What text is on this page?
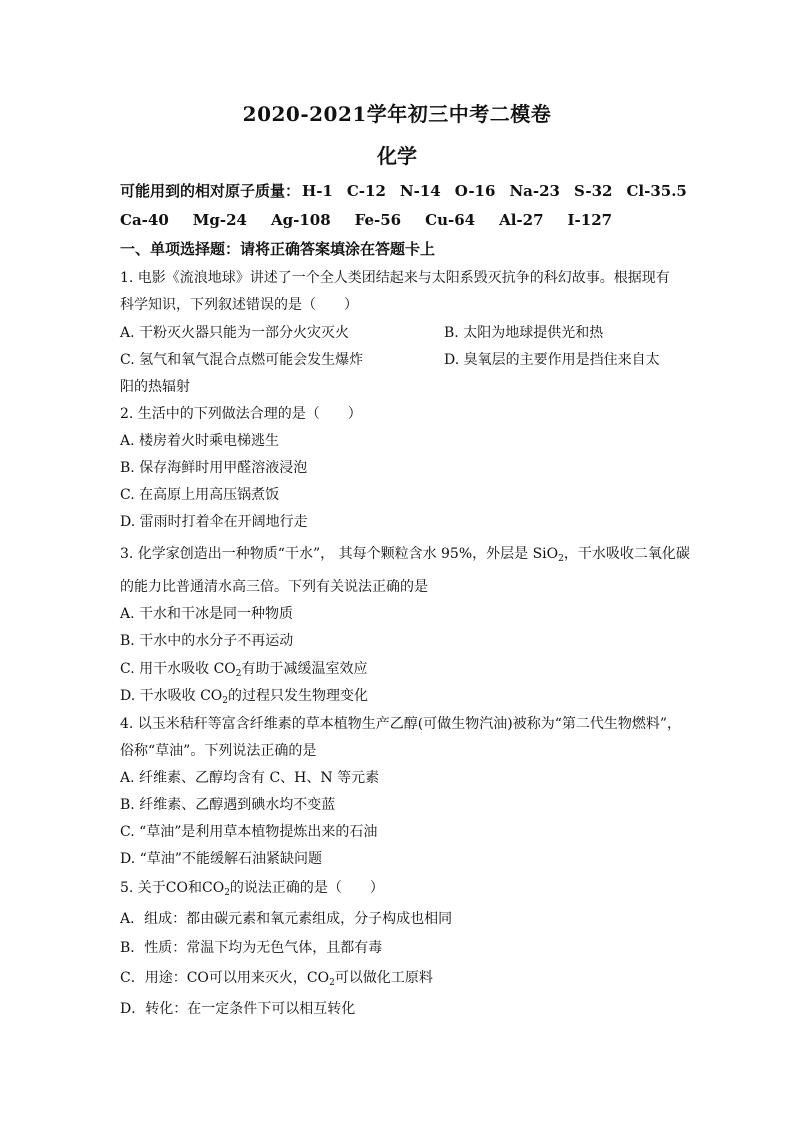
2020-2021学年初三中考二模卷
化学
可能用到的相对原子质量： H-1 C-12 N-14 O-16 Na-23 S-32 Cl-35.5
Ca-40 Mg-24 Ag-108 Fe-56 Cu-64 Al-27 I-127
一、单项选择题：请将正确答案填涂在答题卡上
1. 电影《流浪地球》讲述了一个全人类团结起来与太阳系毁灭抗争的科幻故事。根据现有
科学知识，下列叙述错误的是（　　）
A. 干粉灭火器只能为一部分火灾灭火	B. 太阳为地球提供光和热
C. 氢气和氧气混合点燃可能会发生爆炸	D. 臭氧层的主要作用是挡住来自太
阳的热辐射
2. 生活中的下列做法合理的是（　　）
A. 楼房着火时乘电梯逃生
B. 保存海鲜时用甲醛溶液浸泡
C. 在高原上用高压锅煮饭
D. 雷雨时打着伞在开阔地行走
3. 化学家创造出一种物质“干水”， 其每个颗粒含水 95%，外层是 SiO$_2$，干水吸收二氧化碳
的能力比普通清水高三倍。下列有关说法正确的是
A. 干水和干冰是同一种物质
B. 干水中的水分子不再运动
C. 用干水吸收 $CO_2$有助于减缓温室效应
D. 干水吸收 $CO_2$的过程只发生物理变化
4. 以玉米秸秆等富含纤维素的草本植物生产乙醇(可做生物汽油)被称为“第二代生物燃料”，
俗称“草油”。下列说法正确的是
A. 纤维素、乙醇均含有 C、H、N 等元素
B. 纤维素、乙醇遇到碘水均不变蓝
C. “草油”是利用草本植物提炼出来的石油
D. “草油”不能缓解石油紧缺问题
5. 关于CO和$CO_2$的说法正确的是（　　）
A．组成：都由碳元素和氧元素组成，分子构成也相同
B．性质：常温下均为无色气体，且都有毒
C．用途：CO可以用来灭火，$CO_2$可以做化工原料
D．转化：在一定条件下可以相互转化
